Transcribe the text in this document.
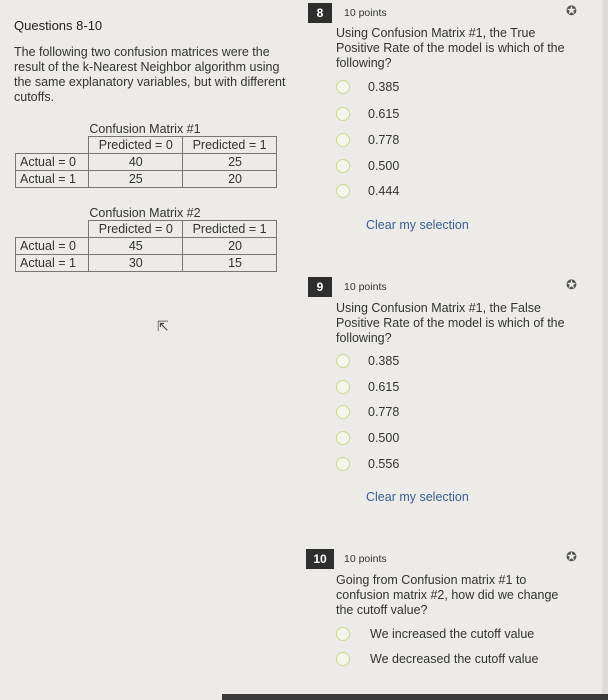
Questions 8-10
The following two confusion matrices were the result of the k-Nearest Neighbor algorithm using the same explanatory variables, but with different cutoffs.
Confusion Matrix #1
	Predicted = 0	Predicted = 1
Actual = 0	40	25
Actual = 1	25	20
Confusion Matrix #2
	Predicted = 0	Predicted = 1
Actual = 0	45	20
Actual = 1	30	15
⇱
8	10 points	✪
Using Confusion Matrix #1, the True Positive Rate of the model is which of the following?
0.385
0.615
0.778
0.500
0.444
Clear my selection
9	10 points	✪
Using Confusion Matrix #1, the False Positive Rate of the model is which of the following?
0.385
0.615
0.778
0.500
0.556
Clear my selection
10	10 points	✪
Going from Confusion matrix #1 to confusion matrix #2, how did we change the cutoff value?
We increased the cutoff value
We decreased the cutoff value
